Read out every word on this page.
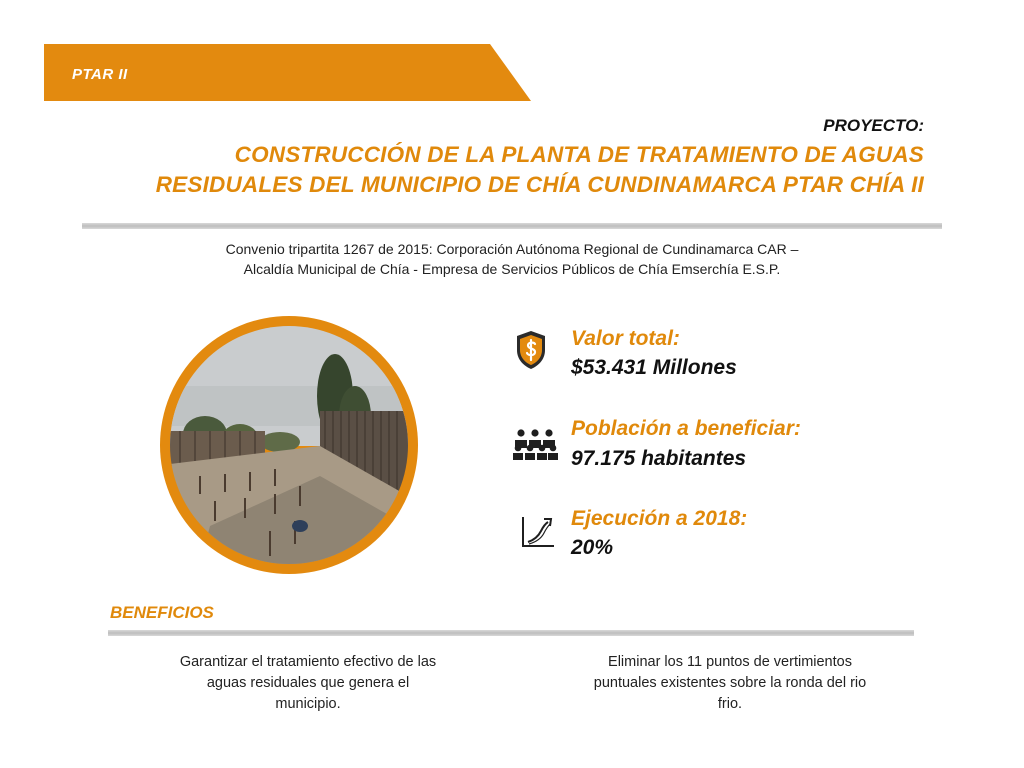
PTAR II
PROYECTO:
CONSTRUCCIÓN DE LA PLANTA DE TRATAMIENTO DE AGUAS
RESIDUALES DEL MUNICIPIO DE CHÍA CUNDINAMARCA PTAR CHÍA II
Convenio tripartita 1267 de 2015: Corporación Autónoma Regional de Cundinamarca CAR –
Alcaldía Municipal de Chía - Empresa de Servicios Públicos de Chía Emserchía E.S.P.
Valor total:
$53.431 Millones
Población a beneficiar:
97.175 habitantes
Ejecución a 2018:
20%
BENEFICIOS
Garantizar el tratamiento efectivo de las
aguas residuales que genera el
municipio.
Eliminar los 11 puntos de vertimientos
puntuales existentes sobre la ronda del rio
frio.
